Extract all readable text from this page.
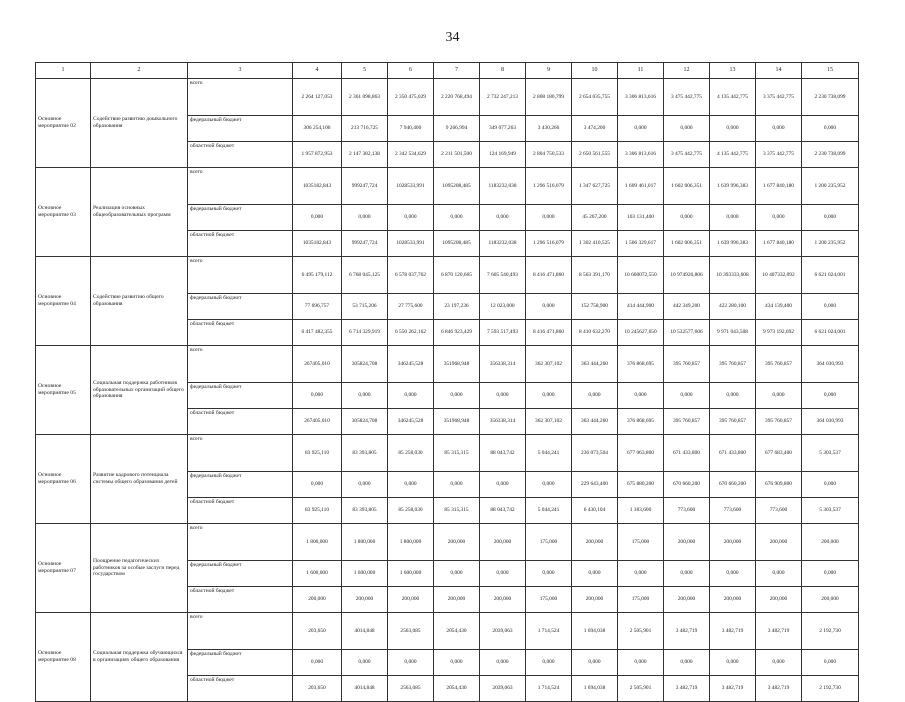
34
1	2	3	4	5	6	7	8	9	10	11	12	13	14	15
Основное мероприятие 02	Содействие развитию дошкольного образования	всего	2 264 127,053	2 361 098,863	2 350 475,029	2 220 768,494	2 732 247,213	2 808 180,799	2 654 035,755	3 306 813,616	3 475 442,775	4 135 442,775	3 375 442,775	2 230 738,099
		федеральный бюджет	306 254,100	213 716,725	7 940,400	9 266,994	349 077,263	3 430,266	3 474,200	0,000	0,000	0,000	0,000	0,000
		областной бюджет	1 957 872,953	2 147 382,138	2 342 534,629	2 211 501,500	124 169,949	2 804 750,533	2 650 561,555	3 306 813,616	3 475 442,775	4 135 442,775	3 375 442,775	2 230 738,099
Основное мероприятие 03	Реализация основных общеобразовательных программ	всего	1035182,843	999247,724	1028533,991	1095208,485	1183232,038	1 296 516,079	1 347 627,725	1 609 461,017	1 602 006,351	1 639 996,383	1 677 840,180	1 200 235,952
		федеральный бюджет	0,000	0,000	0,000	0,000	0,000	0,000	45 267,200	103 131,400	0,000	0,000	0,000	0,000
		областной бюджет	1035182,843	999247,724	1028533,991	1095208,485	1183232,038	1 296 516,079	1 302 410,525	1 506 329,617	1 602 006,351	1 639 996,383	1 677 840,180	1 200 235,952
Основное мероприятие 04	Содействие развитию общего образования	всего	6 495 179,112	6 768 045,125	6 578 037,762	6 870 120,665	7 605 540,493	8 416 471,860	8 563 391,170	10 660072,550	10 974926,806	10 393333,608	10 407332,092	6 621 024,001
		федеральный бюджет	77 696,757	53 715,206	27 775,600	23 197,236	12 023,000	0,000	152 758,900	414 444,900	442 349,200	422 280,100	434 139,400	0,000
		областной бюджет	6 417 482,355	6 714 329,919	6 550 262,162	6 846 923,429	7 593 517,493	8 416 471,860	8 410 632,270	10 245627,650	10 532577,606	9 971 043,508	9 973 192,692	6 621 024,001
Основное мероприятие 05	Социальная поддержка работников образовательных организаций общего образования	всего	267405,010	305824,708	346245,528	351968,948	356338,314	362 307,102	363 444,260	376 868,695	395 760,857	395 760,857	395 760,857	364 030,993
		федеральный бюджет	0,000	0,000	0,000	0,000	0,000	0,000	0,000	0,000	0,000	0,000	0,000	0,000
		областной бюджет	267405,010	305824,708	346245,528	351968,948	356338,314	362 307,102	363 444,260	376 868,695	395 760,857	395 760,857	395 760,857	364 030,993
Основное мероприятие 06	Развитие кадрового потенциала системы общего образования детей	всего	83 925,110	83 393,805	85 258,030	85 315,315	88 043,742	5 044,241	236 073,504	677 063,800	671 433,800	671 433,800	677 683,400	5 303,537
		федеральный бюджет	0,000	0,000	0,000	0,000	0,000	0,000	229 643,400	675 880,200	670 660,200	670 660,200	676 909,800	0,000
		областной бюджет	83 925,110	83 393,805	85 258,030	85 315,315	88 043,742	5 044,241	6 430,104	1 183,600	773,600	773,600	773,600	5 303,537
Основное мероприятие 07	Поощрение педагогических работников за особые заслуги перед государством	всего	1 800,000	1 800,000	1 800,000	200,000	200,000	175,000	200,000	175,000	200,000	200,000	200,000	200,000
		федеральный бюджет	1 600,000	1 600,000	1 600,000	0,000	0,000	0,000	0,000	0,000	0,000	0,000	0,000	0,000
		областной бюджет	200,000	200,000	200,000	200,000	200,000	175,000	200,000	175,000	200,000	200,000	200,000	200,000
Основное мероприятие 08	Социальная поддержка обучающихся в организациях общего образования	всего	203,650	4014,848	2563,085	2054,430	2039,063	1 714,524	1 694,038	2 505,901	3 482,719	3 482,719	3 482,719	2 192,730
		федеральный бюджет	0,000	0,000	0,000	0,000	0,000	0,000	0,000	0,000	0,000	0,000	0,000	0,000
		областной бюджет	203,650	4014,848	2563,085	2054,430	2039,063	1 714,524	1 694,038	2 505,901	3 482,719	3 482,719	3 482,719	2 192,730
